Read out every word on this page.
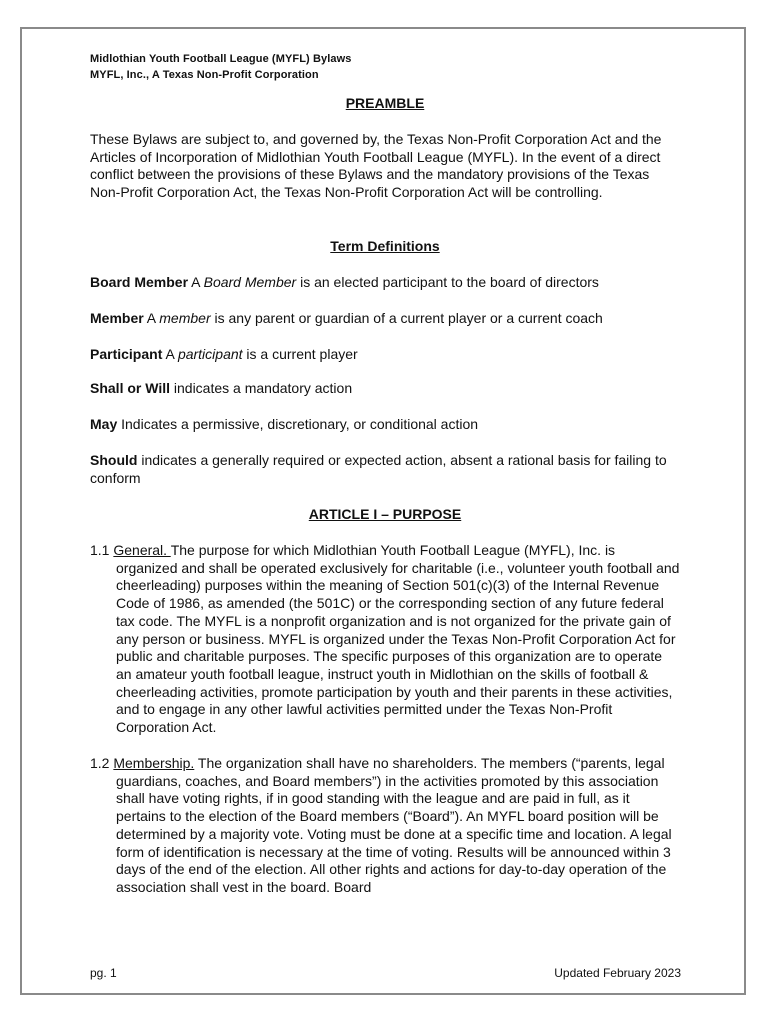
Midlothian Youth Football League (MYFL) Bylaws
MYFL, Inc., A Texas Non-Profit Corporation
PREAMBLE
These Bylaws are subject to, and governed by, the Texas Non-Profit Corporation Act and the Articles of Incorporation of Midlothian Youth Football League (MYFL). In the event of a direct conflict between the provisions of these Bylaws and the mandatory provisions of the Texas Non-Profit Corporation Act, the Texas Non-Profit Corporation Act will be controlling.
Term Definitions

Board Member A Board Member is an elected participant to the board of directors

Member A member is any parent or guardian of a current player or a current coach

Participant A participant is a current player

Shall or Will indicates a mandatory action

May Indicates a permissive, discretionary, or conditional action

Should indicates a generally required or expected action, absent a rational basis for failing to conform

ARTICLE I – PURPOSE
1.1 General. The purpose for which Midlothian Youth Football League (MYFL), Inc. is organized and shall be operated exclusively for charitable (i.e., volunteer youth football and cheerleading) purposes within the meaning of Section 501(c)(3) of the Internal Revenue Code of 1986, as amended (the 501C) or the corresponding section of any future federal tax code. The MYFL is a nonprofit organization and is not organized for the private gain of any person or business. MYFL is organized under the Texas Non-Profit Corporation Act for public and charitable purposes. The specific purposes of this organization are to operate an amateur youth football league, instruct youth in Midlothian on the skills of football & cheerleading activities, promote participation by youth and their parents in these activities, and to engage in any other lawful activities permitted under the Texas Non-Profit Corporation Act.
1.2 Membership. The organization shall have no shareholders. The members (“parents, legal guardians, coaches, and Board members”) in the activities promoted by this association shall have voting rights, if in good standing with the league and are paid in full, as it pertains to the election of the Board members (“Board”). An MYFL board position will be determined by a majority vote. Voting must be done at a specific time and location. A legal form of identification is necessary at the time of voting. Results will be announced within 3 days of the end of the election. All other rights and actions for day-to-day operation of the association shall vest in the board. Board
pg. 1	Updated February 2023
